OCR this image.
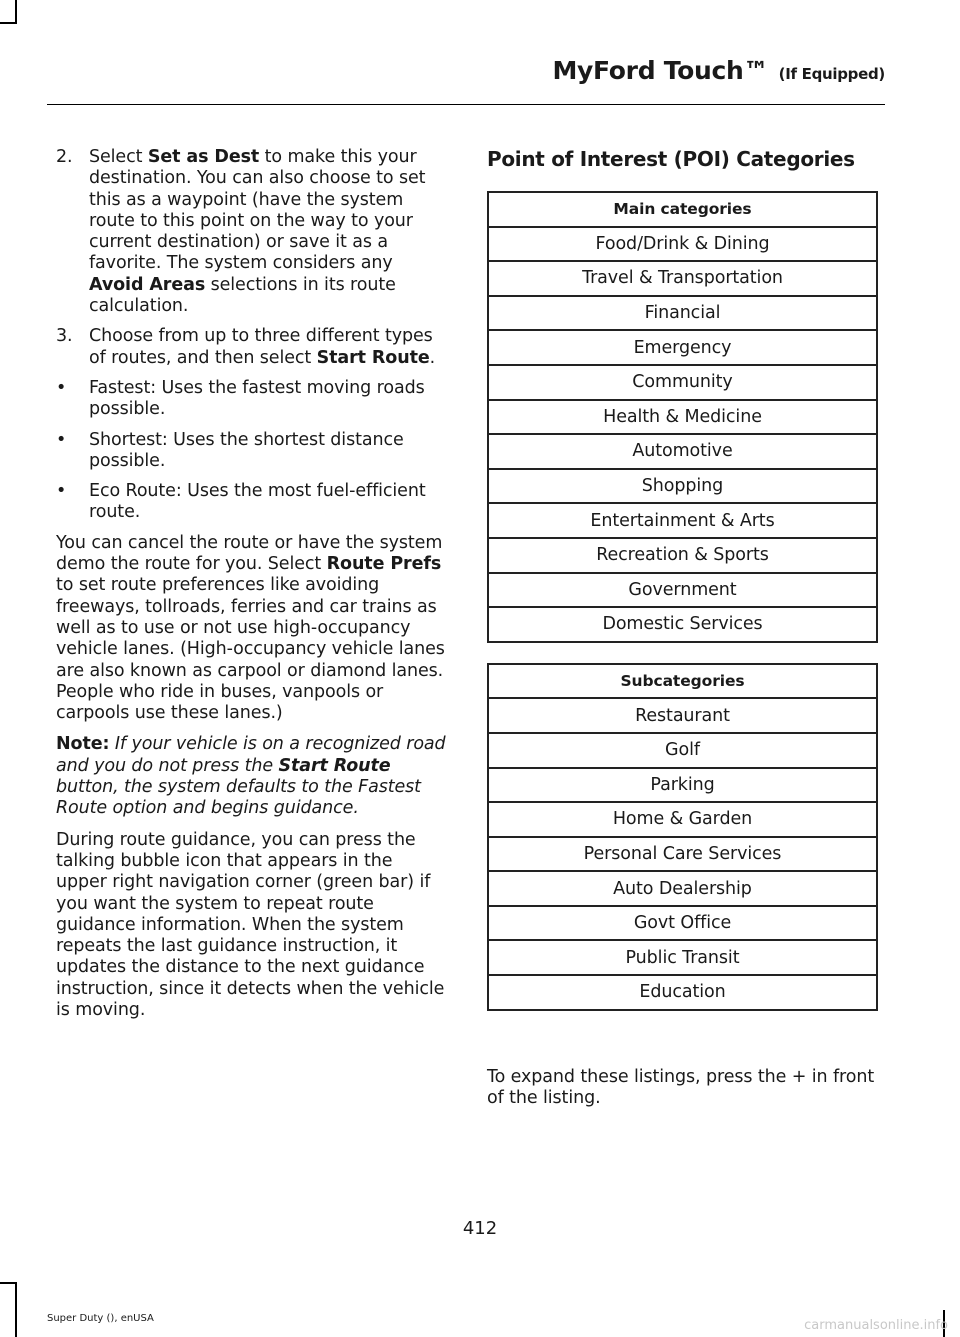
MyFord Touch™ (If Equipped)
2. Select Set as Dest to make this your destination. You can also choose to set this as a waypoint (have the system route to this point on the way to your current destination) or save it as a favorite. The system considers any Avoid Areas selections in its route calculation.
3. Choose from up to three different types of routes, and then select Start Route.
• Fastest: Uses the fastest moving roads possible.
• Shortest: Uses the shortest distance possible.
• Eco Route: Uses the most fuel-efficient route.

You can cancel the route or have the system demo the route for you. Select Route Prefs to set route preferences like avoiding freeways, tollroads, ferries and car trains as well as to use or not use high-occupancy vehicle lanes. (High-occupancy vehicle lanes are also known as carpool or diamond lanes. People who ride in buses, vanpools or carpools use these lanes.)

Note: If your vehicle is on a recognized road and you do not press the Start Route button, the system defaults to the Fastest Route option and begins guidance.

During route guidance, you can press the talking bubble icon that appears in the upper right navigation corner (green bar) if you want the system to repeat route guidance information. When the system repeats the last guidance instruction, it updates the distance to the next guidance instruction, since it detects when the vehicle is moving.

Point of Interest (POI) Categories
Main categories
Food/Drink & Dining
Travel & Transportation
Financial
Emergency
Community
Health & Medicine
Automotive
Shopping
Entertainment & Arts
Recreation & Sports
Government
Domestic Services
Subcategories
Restaurant
Golf
Parking
Home & Garden
Personal Care Services
Auto Dealership
Govt Office
Public Transit
Education
To expand these listings, press the + in front of the listing.
412
Super Duty (), enUSA	carmanualsonline.info
